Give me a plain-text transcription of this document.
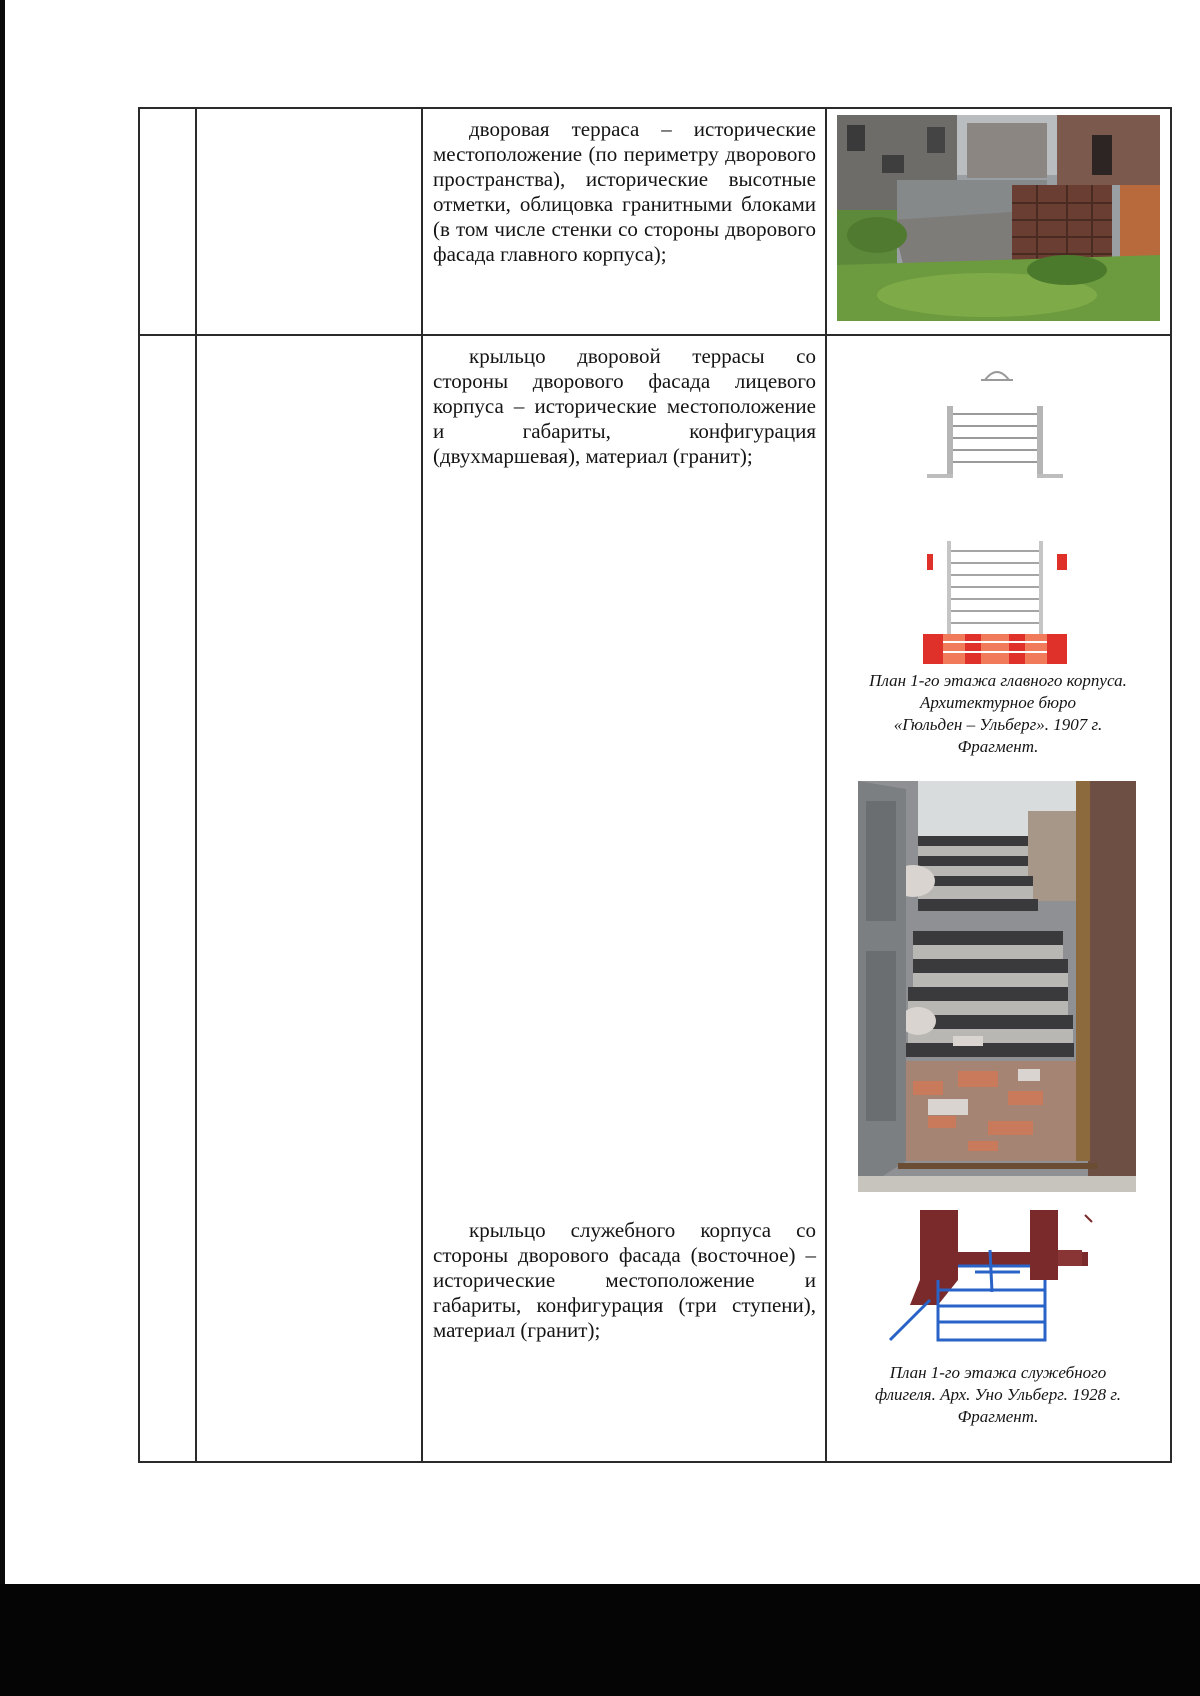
дворовая терраса – исторические местоположение (по периметру дворового пространства), исторические высотные отметки, облицовка гранитными блоками (в том числе стенки со стороны дворового фасада главного корпуса);

крыльцо дворовой террасы со стороны дворового фасада лицевого корпуса – исторические местоположение и габариты, конфигурация (двухмаршевая), материал (гранит);

План 1-го этажа главного корпуса.
Архитектурное бюро
«Гюльден – Ульберг». 1907 г.
Фрагмент.

крыльцо служебного корпуса со стороны дворового фасада (восточное) – исторические местоположение и габариты, конфигурация (три ступени), материал (гранит);

План 1-го этажа служебного
флигеля. Арх. Уно Ульберг. 1928 г.
Фрагмент.
